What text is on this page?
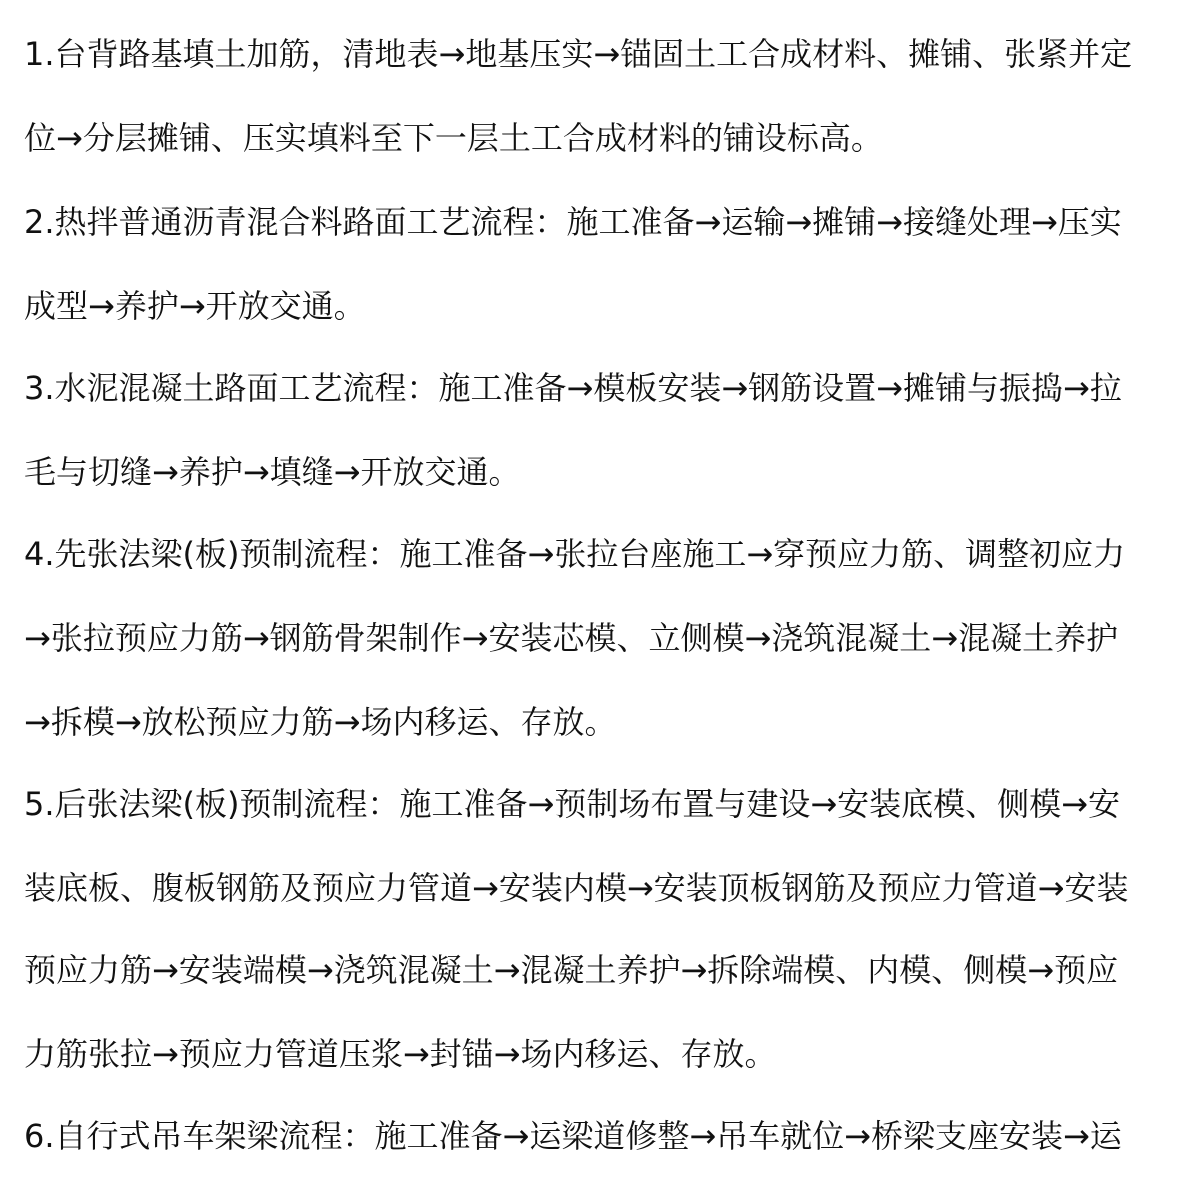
1.台背路基填土加筋，清地表→地基压实→锚固土工合成材料、摊铺、张紧并定
位→分层摊铺、压实填料至下一层土工合成材料的铺设标高。
2.热拌普通沥青混合料路面工艺流程：施工准备→运输→摊铺→接缝处理→压实
成型→养护→开放交通。
3.水泥混凝土路面工艺流程：施工准备→模板安装→钢筋设置→摊铺与振捣→拉
毛与切缝→养护→填缝→开放交通。
4.先张法梁(板)预制流程：施工准备→张拉台座施工→穿预应力筋、调整初应力
→张拉预应力筋→钢筋骨架制作→安装芯模、立侧模→浇筑混凝土→混凝土养护
→拆模→放松预应力筋→场内移运、存放。
5.后张法梁(板)预制流程：施工准备→预制场布置与建设→安装底模、侧模→安
装底板、腹板钢筋及预应力管道→安装内模→安装顶板钢筋及预应力管道→安装
预应力筋→安装端模→浇筑混凝土→混凝土养护→拆除端模、内模、侧模→预应
力筋张拉→预应力管道压浆→封锚→场内移运、存放。
6.自行式吊车架梁流程：施工准备→运梁道修整→吊车就位→桥梁支座安装→运
